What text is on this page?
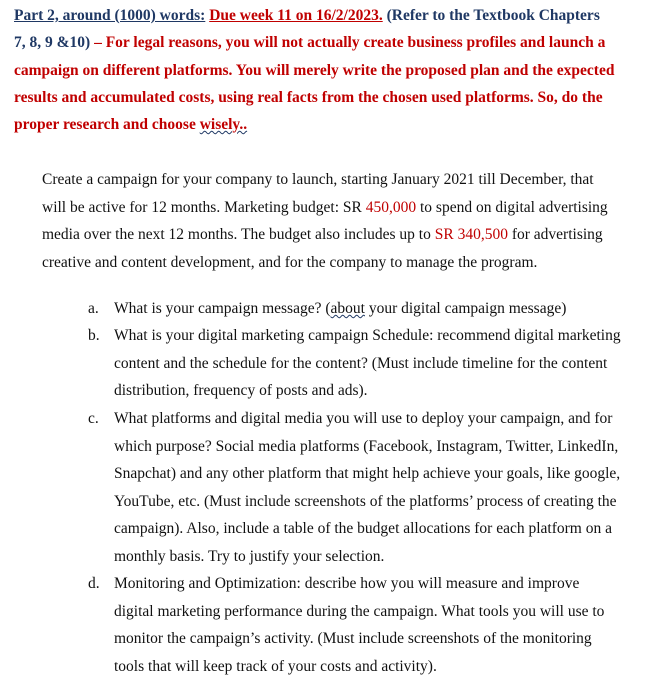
Part 2, around (1000) words: Due week 11 on 16/2/2023. (Refer to the Textbook Chapters
7, 8, 9 &10) – For legal reasons, you will not actually create business profiles and launch a
campaign on different platforms. You will merely write the proposed plan and the expected
results and accumulated costs, using real facts from the chosen used platforms. So, do the
proper research and choose wisely..
Create a campaign for your company to launch, starting January 2021 till December, that
will be active for 12 months. Marketing budget: SR 450,000 to spend on digital advertising
media over the next 12 months. The budget also includes up to SR 340,500 for advertising
creative and content development, and for the company to manage the program.
a. What is your campaign message? (about your digital campaign message)
b. What is your digital marketing campaign Schedule: recommend digital marketing
content and the schedule for the content? (Must include timeline for the content
distribution, frequency of posts and ads).
c. What platforms and digital media you will use to deploy your campaign, and for
which purpose? Social media platforms (Facebook, Instagram, Twitter, LinkedIn,
Snapchat) and any other platform that might help achieve your goals, like google,
YouTube, etc. (Must include screenshots of the platforms’ process of creating the
campaign). Also, include a table of the budget allocations for each platform on a
monthly basis. Try to justify your selection.
d. Monitoring and Optimization: describe how you will measure and improve
digital marketing performance during the campaign. What tools you will use to
monitor the campaign’s activity. (Must include screenshots of the monitoring
tools that will keep track of your costs and activity).
